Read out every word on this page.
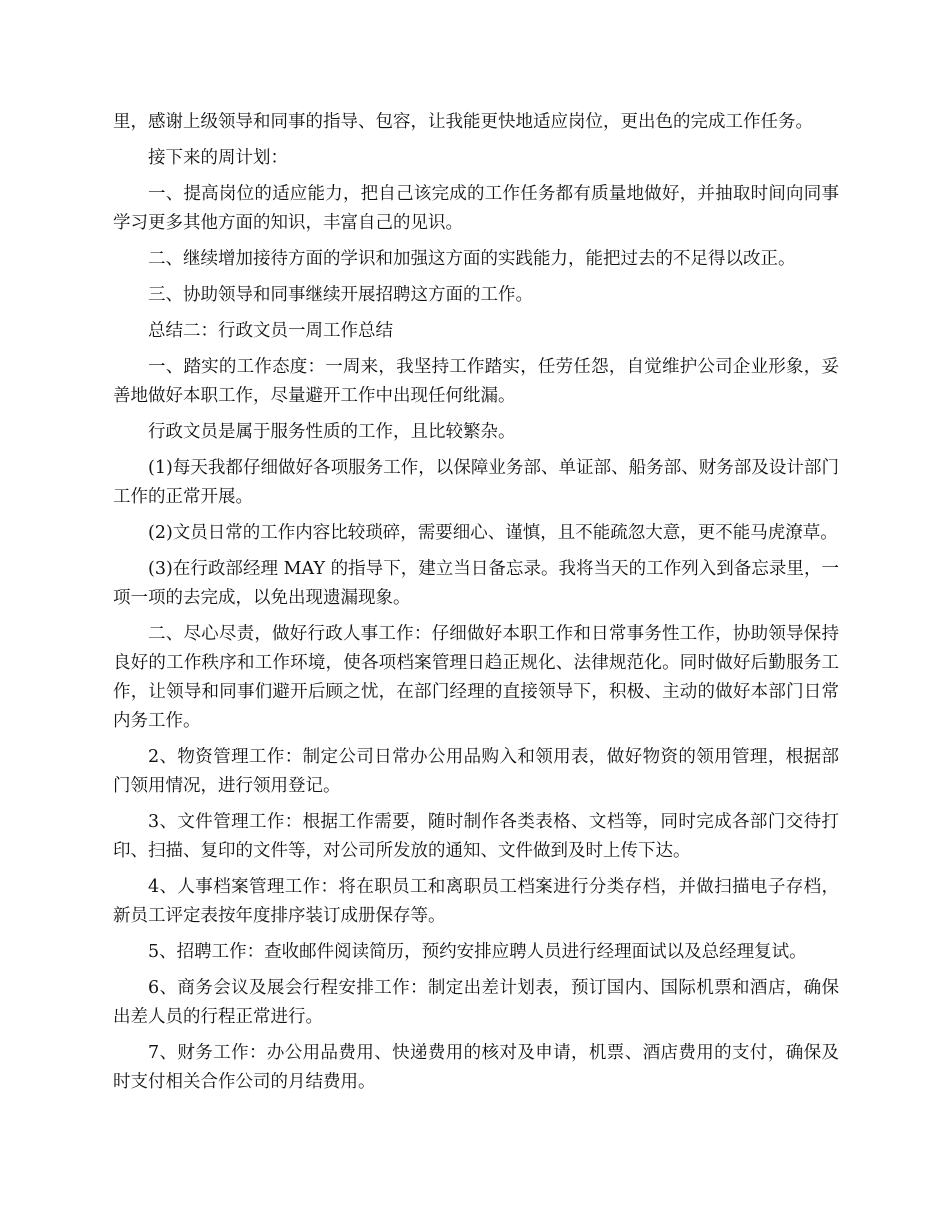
里，感谢上级领导和同事的指导、包容，让我能更快地适应岗位，更出色的完成工作任务。

接下来的周计划：

一、提高岗位的适应能力，把自己该完成的工作任务都有质量地做好，并抽取时间向同事学习更多其他方面的知识，丰富自己的见识。

二、继续增加接待方面的学识和加强这方面的实践能力，能把过去的不足得以改正。

三、协助领导和同事继续开展招聘这方面的工作。

总结二：行政文员一周工作总结

一、踏实的工作态度：一周来，我坚持工作踏实，任劳任怨，自觉维护公司企业形象，妥善地做好本职工作，尽量避开工作中出现任何纰漏。

行政文员是属于服务性质的工作，且比较繁杂。

(1)每天我都仔细做好各项服务工作，以保障业务部、单证部、船务部、财务部及设计部门工作的正常开展。

(2)文员日常的工作内容比较琐碎，需要细心、谨慎，且不能疏忽大意，更不能马虎潦草。

(3)在行政部经理 MAY 的指导下，建立当日备忘录。我将当天的工作列入到备忘录里，一项一项的去完成，以免出现遗漏现象。

二、尽心尽责，做好行政人事工作：仔细做好本职工作和日常事务性工作，协助领导保持良好的工作秩序和工作环境，使各项档案管理日趋正规化、法律规范化。同时做好后勤服务工作，让领导和同事们避开后顾之忧，在部门经理的直接领导下，积极、主动的做好本部门日常内务工作。

2、物资管理工作：制定公司日常办公用品购入和领用表，做好物资的领用管理，根据部门领用情况，进行领用登记。

3、文件管理工作：根据工作需要，随时制作各类表格、文档等，同时完成各部门交待打印、扫描、复印的文件等，对公司所发放的通知、文件做到及时上传下达。

4、人事档案管理工作：将在职员工和离职员工档案进行分类存档，并做扫描电子存档，新员工评定表按年度排序装订成册保存等。

5、招聘工作：查收邮件阅读简历，预约安排应聘人员进行经理面试以及总经理复试。

6、商务会议及展会行程安排工作：制定出差计划表，预订国内、国际机票和酒店，确保出差人员的行程正常进行。

7、财务工作：办公用品费用、快递费用的核对及申请，机票、酒店费用的支付，确保及时支付相关合作公司的月结费用。
